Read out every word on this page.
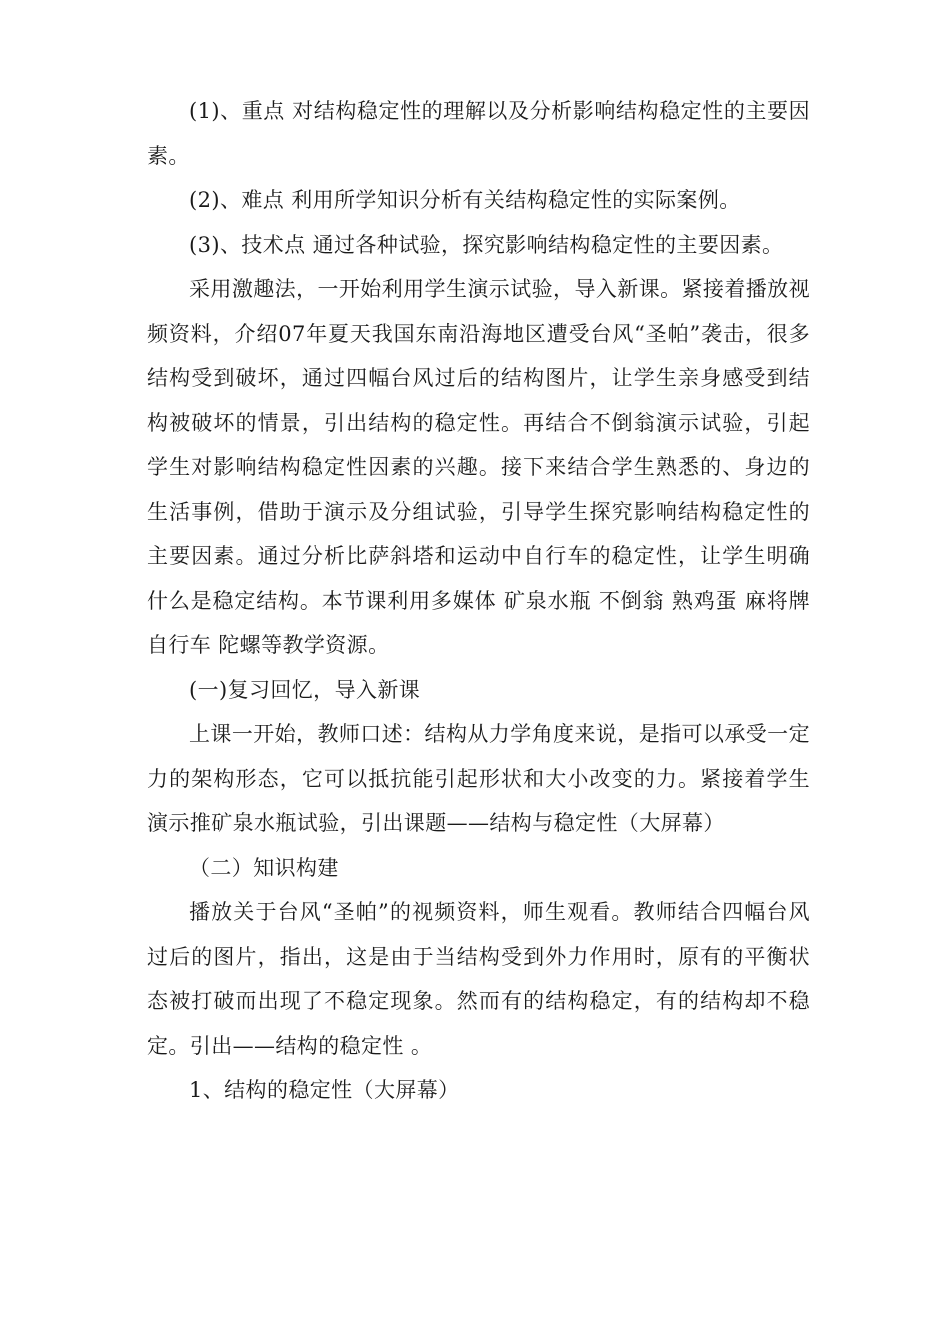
(1)、重点 对结构稳定性的理解以及分析影响结构稳定性的主要因素。

(2)、难点 利用所学知识分析有关结构稳定性的实际案例。

(3)、技术点 通过各种试验，探究影响结构稳定性的主要因素。

采用激趣法，一开始利用学生演示试验，导入新课。紧接着播放视频资料，介绍07年夏天我国东南沿海地区遭受台风“圣帕”袭击，很多结构受到破坏，通过四幅台风过后的结构图片，让学生亲身感受到结构被破坏的情景，引出结构的稳定性。再结合不倒翁演示试验，引起学生对影响结构稳定性因素的兴趣。接下来结合学生熟悉的、身边的生活事例，借助于演示及分组试验，引导学生探究影响结构稳定性的主要因素。通过分析比萨斜塔和运动中自行车的稳定性，让学生明确什么是稳定结构。本节课利用多媒体 矿泉水瓶 不倒翁 熟鸡蛋 麻将牌 自行车 陀螺等教学资源。

(一)复习回忆，导入新课

上课一开始，教师口述：结构从力学角度来说，是指可以承受一定力的架构形态，它可以抵抗能引起形状和大小改变的力。紧接着学生演示推矿泉水瓶试验，引出课题——结构与稳定性（大屏幕）

（二）知识构建

播放关于台风“圣帕”的视频资料，师生观看。教师结合四幅台风过后的图片，指出，这是由于当结构受到外力作用时，原有的平衡状态被打破而出现了不稳定现象。然而有的结构稳定，有的结构却不稳定。引出——结构的稳定性 。

1、结构的稳定性（大屏幕）
